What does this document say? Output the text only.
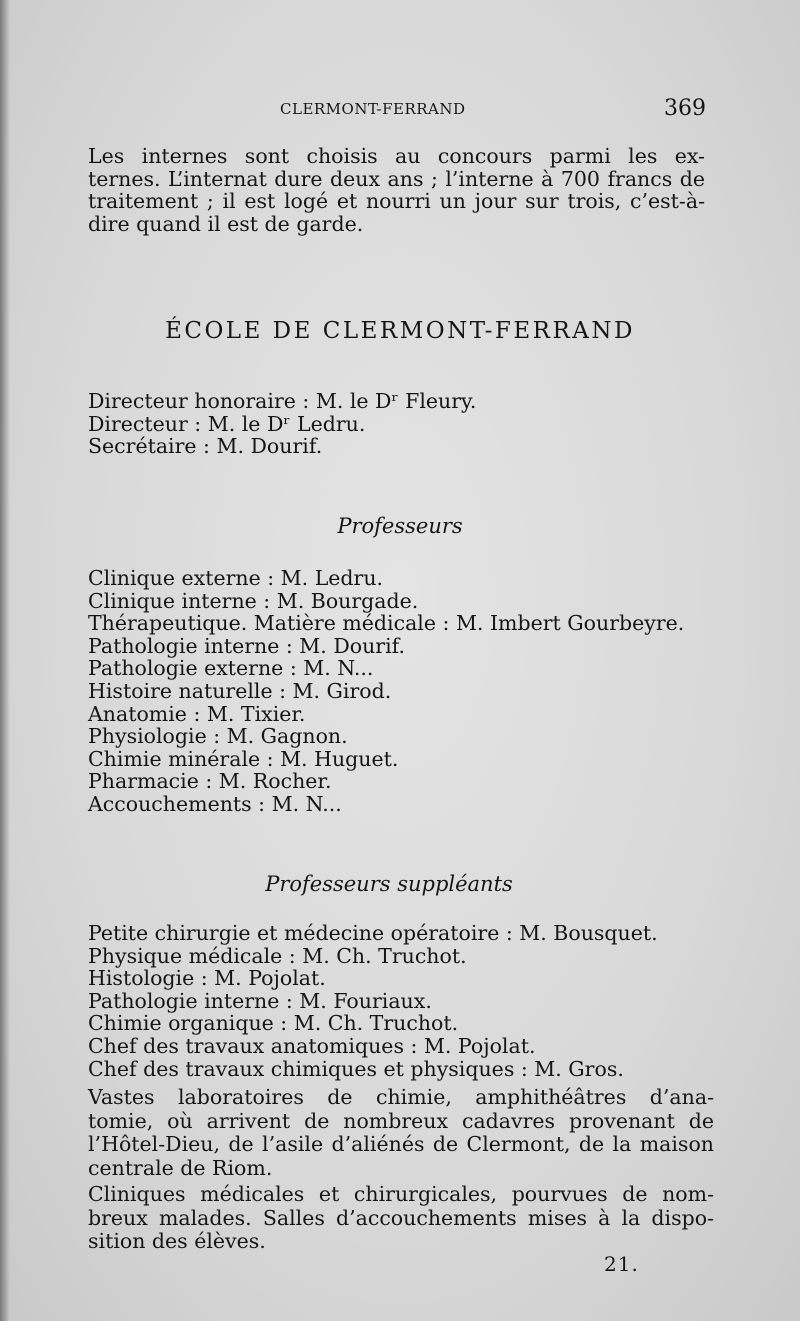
CLERMONT-FERRAND	369

Les internes sont choisis au concours parmi les ex-
ternes. L’internat dure deux ans ; l’interne à 700 francs de
traitement ; il est logé et nourri un jour sur trois, c’est-à-
dire quand il est de garde.

ÉCOLE DE CLERMONT-FERRAND
Directeur honoraire : M. le Dʳ Fleury.
Directeur : M. le Dʳ Ledru.
Secrétaire : M. Dourif.
Professeurs
Clinique externe : M. Ledru.
Clinique interne : M. Bourgade.
Thérapeutique. Matière médicale : M. Imbert Gourbeyre.
Pathologie interne : M. Dourif.
Pathologie externe : M. N...
Histoire naturelle : M. Girod.
Anatomie : M. Tixier.
Physiologie : M. Gagnon.
Chimie minérale : M. Huguet.
Pharmacie : M. Rocher.
Accouchements : M. N...
Professeurs suppléants
Petite chirurgie et médecine opératoire : M. Bousquet.
Physique médicale : M. Ch. Truchot.
Histologie : M. Pojolat.
Pathologie interne : M. Fouriaux.
Chimie organique : M. Ch. Truchot.
Chef des travaux anatomiques : M. Pojolat.
Chef des travaux chimiques et physiques : M. Gros.

Vastes laboratoires de chimie, amphithéâtres d’ana-
tomie, où arrivent de nombreux cadavres provenant de
l’Hôtel-Dieu, de l’asile d’aliénés de Clermont, de la maison
centrale de Riom.

Cliniques médicales et chirurgicales, pourvues de nom-
breux malades. Salles d’accouchements mises à la dispo-
sition des élèves.

21.
